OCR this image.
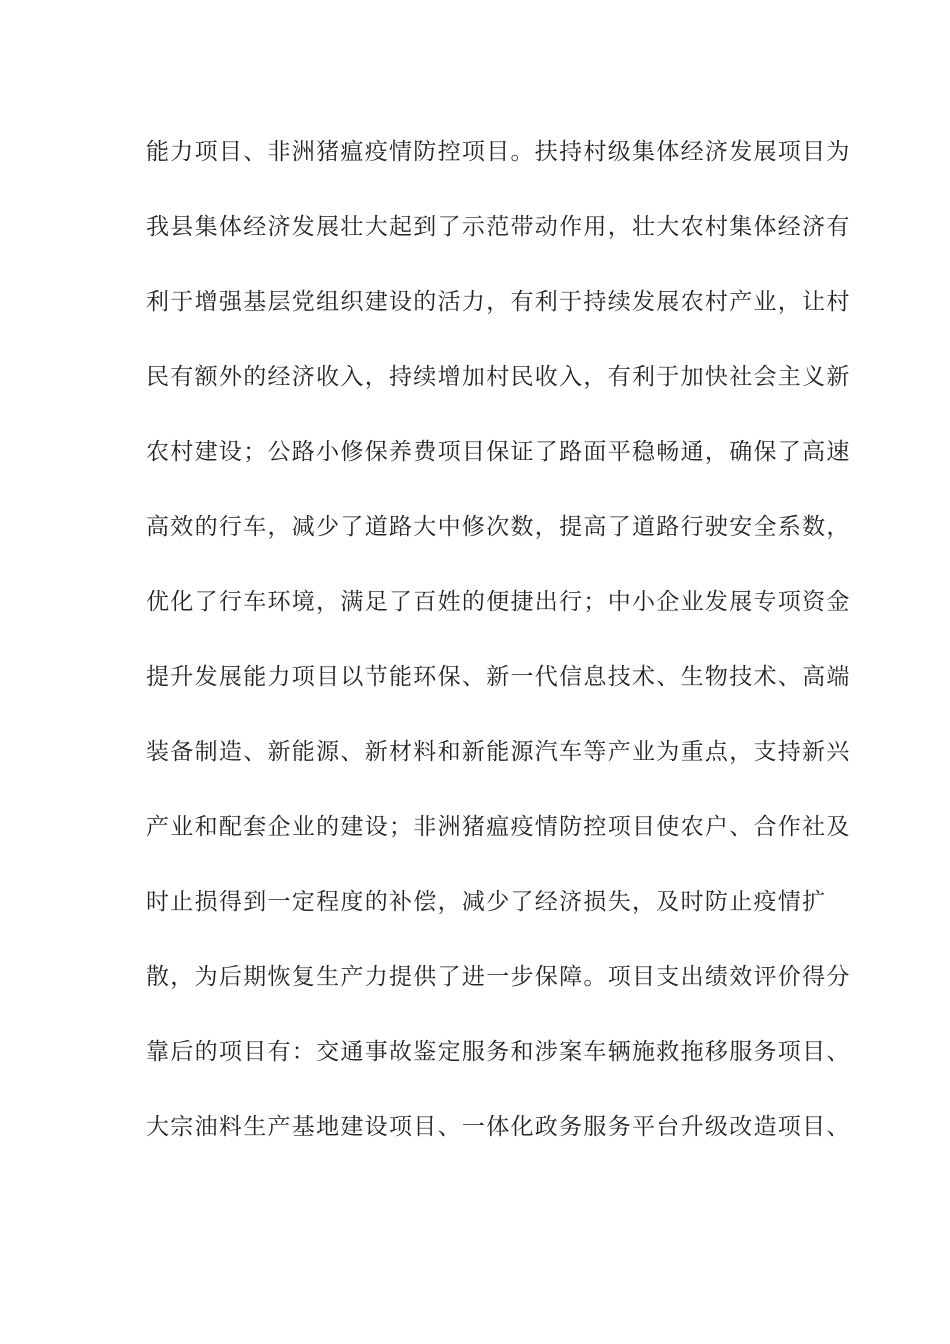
能力项目、非洲猪瘟疫情防控项目。扶持村级集体经济发展项目为
我县集体经济发展壮大起到了示范带动作用，壮大农村集体经济有
利于增强基层党组织建设的活力，有利于持续发展农村产业，让村
民有额外的经济收入，持续增加村民收入，有利于加快社会主义新
农村建设；公路小修保养费项目保证了路面平稳畅通，确保了高速
高效的行车，减少了道路大中修次数，提高了道路行驶安全系数，
优化了行车环境，满足了百姓的便捷出行；中小企业发展专项资金
提升发展能力项目以节能环保、新一代信息技术、生物技术、高端
装备制造、新能源、新材料和新能源汽车等产业为重点，支持新兴
产业和配套企业的建设；非洲猪瘟疫情防控项目使农户、合作社及
时止损得到一定程度的补偿，减少了经济损失，及时防止疫情扩
散，为后期恢复生产力提供了进一步保障。项目支出绩效评价得分
靠后的项目有：交通事故鉴定服务和涉案车辆施救拖移服务项目、
大宗油料生产基地建设项目、一体化政务服务平台升级改造项目、
